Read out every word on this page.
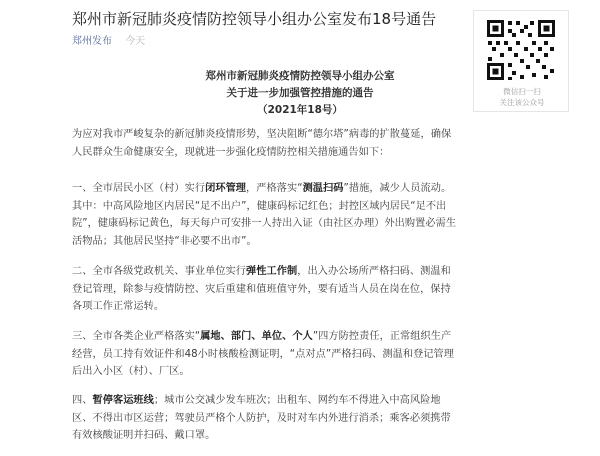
郑州市新冠肺炎疫情防控领导小组办公室发布18号通告
郑州发布 今天
微信扫一扫
关注该公众号
郑州市新冠肺炎疫情防控领导小组办公室
关于进一步加强管控措施的通告
（2021年18号）
为应对我市严峻复杂的新冠肺炎疫情形势，坚决阻断“德尔塔”病毒的扩散蔓延，确保
人民群众生命健康安全，现就进一步强化疫情防控相关措施通告如下：
一、全市居民小区（村）实行闭环管理，严格落实“测温扫码”措施，减少人员流动。
其中：中高风险地区内居民“足不出户”，健康码标记红色；封控区域内居民“足不出
院”，健康码标记黄色，每天每户可安排一人持出入证（由社区办理）外出购置必需生
活物品；其他居民坚持“非必要不出市”。
二、全市各级党政机关、事业单位实行弹性工作制，出入办公场所严格扫码、测温和
登记管理，除参与疫情防控、灾后重建和值班值守外，要有适当人员在岗在位，保持
各项工作正常运转。
三、全市各类企业严格落实“属地、部门、单位、个人”四方防控责任，正常组织生产
经营，员工持有效证件和48小时核酸检测证明，“点对点”严格扫码、测温和登记管理
后出入小区（村）、厂区。
四、暂停客运班线；城市公交减少发车班次；出租车、网约车不得进入中高风险地
区、不得出市区运营；驾驶员严格个人防护，及时对车内外进行消杀；乘客必须携带
有效核酸证明并扫码、戴口罩。
